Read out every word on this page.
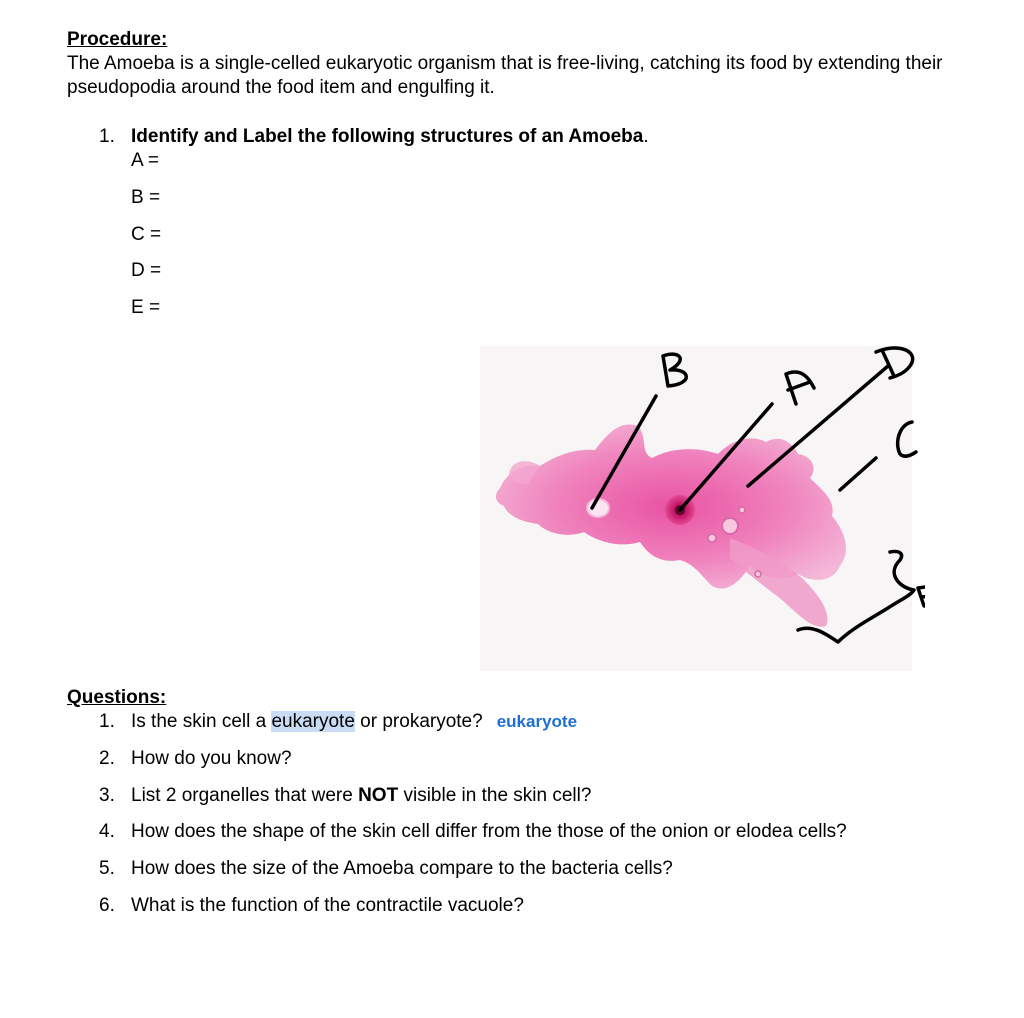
Procedure:
The Amoeba is a single-celled eukaryotic organism that is free-living, catching its food by extending their pseudopodia around the food item and engulfing it.
1. Identify and Label the following structures of an Amoeba.
A =
B =
C =
D =
E =
Questions:
1. Is the skin cell a eukaryote or prokaryote? eukaryote
2. How do you know?
3. List 2 organelles that were NOT visible in the skin cell?
4. How does the shape of the skin cell differ from the those of the onion or elodea cells?
5. How does the size of the Amoeba compare to the bacteria cells?
6. What is the function of the contractile vacuole?
